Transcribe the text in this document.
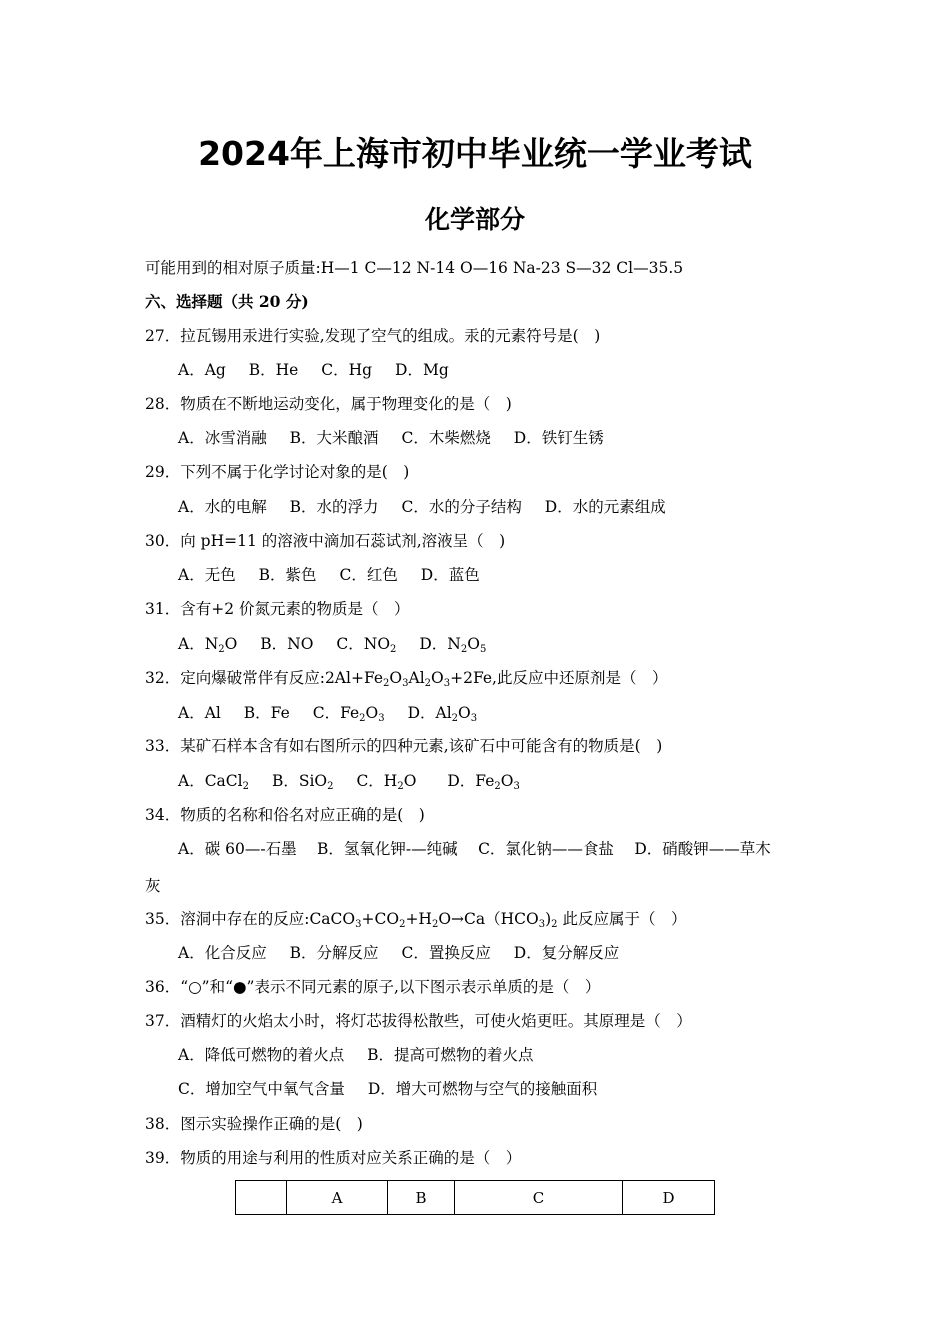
2024年上海市初中毕业统一学业考试
化学部分
可能用到的相对原子质量:H—1 C—12 N-14 O—16 Na-23 S—32 Cl—35.5
六、选择题（共 20 分)
27．拉瓦锡用汞进行实验,发现了空气的组成。汞的元素符号是(　)
A．Ag B．He C．Hg D．Mg
28．物质在不断地运动变化，属于物理变化的是（　)
A．冰雪消融 B．大米酿酒 C．木柴燃烧 D．铁钉生锈
29．下列不属于化学讨论对象的是(　)
A．水的电解 B．水的浮力 C．水的分子结构 D．水的元素组成
30．向 pH=11 的溶液中滴加石蕊试剂,溶液呈（　)
A．无色 B．紫色 C．红色 D．蓝色
31．含有+2 价氮元素的物质是（　）
A．$N_2O$ B．NO C．$NO_2$ D．$N_2O_5$
32．定向爆破常伴有反应$:2Al+Fe_2O_3Al_2O_3+2Fe$,此反应中还原剂是（　）
A．Al B．Fe C．$Fe_2O_3$ D．$Al_2O_3$
33．某矿石样本含有如右图所示的四种元素,该矿石中可能含有的物质是(　)
A．CaCl$_2$ B．SiO$_2$ C．$H_2O$ D．$Fe_2O_3$
34．物质的名称和俗名对应正确的是(　)
A．碳 60—-石墨　 B．氢氧化钾-—纯碱　 C．氯化钠——食盐　 D．硝酸钾——草木
灰
35．溶洞中存在的反应$:CaCO_3+CO_2+H_2O\to Ca(HCO_3)_2$ 此反应属于（　）
A．化合反应 B．分解反应 C．置换反应 D．复分解反应
36．“○”和“●”表示不同元素的原子,以下图示表示单质的是（　）
37．酒精灯的火焰太小时，将灯芯拔得松散些，可使火焰更旺。其原理是（　）
A．降低可燃物的着火点 B．提高可燃物的着火点
C．增加空气中氧气含量 D．增大可燃物与空气的接触面积
38．图示实验操作正确的是(　)
39．物质的用途与利用的性质对应关系正确的是（　）
	A	B	C	D
